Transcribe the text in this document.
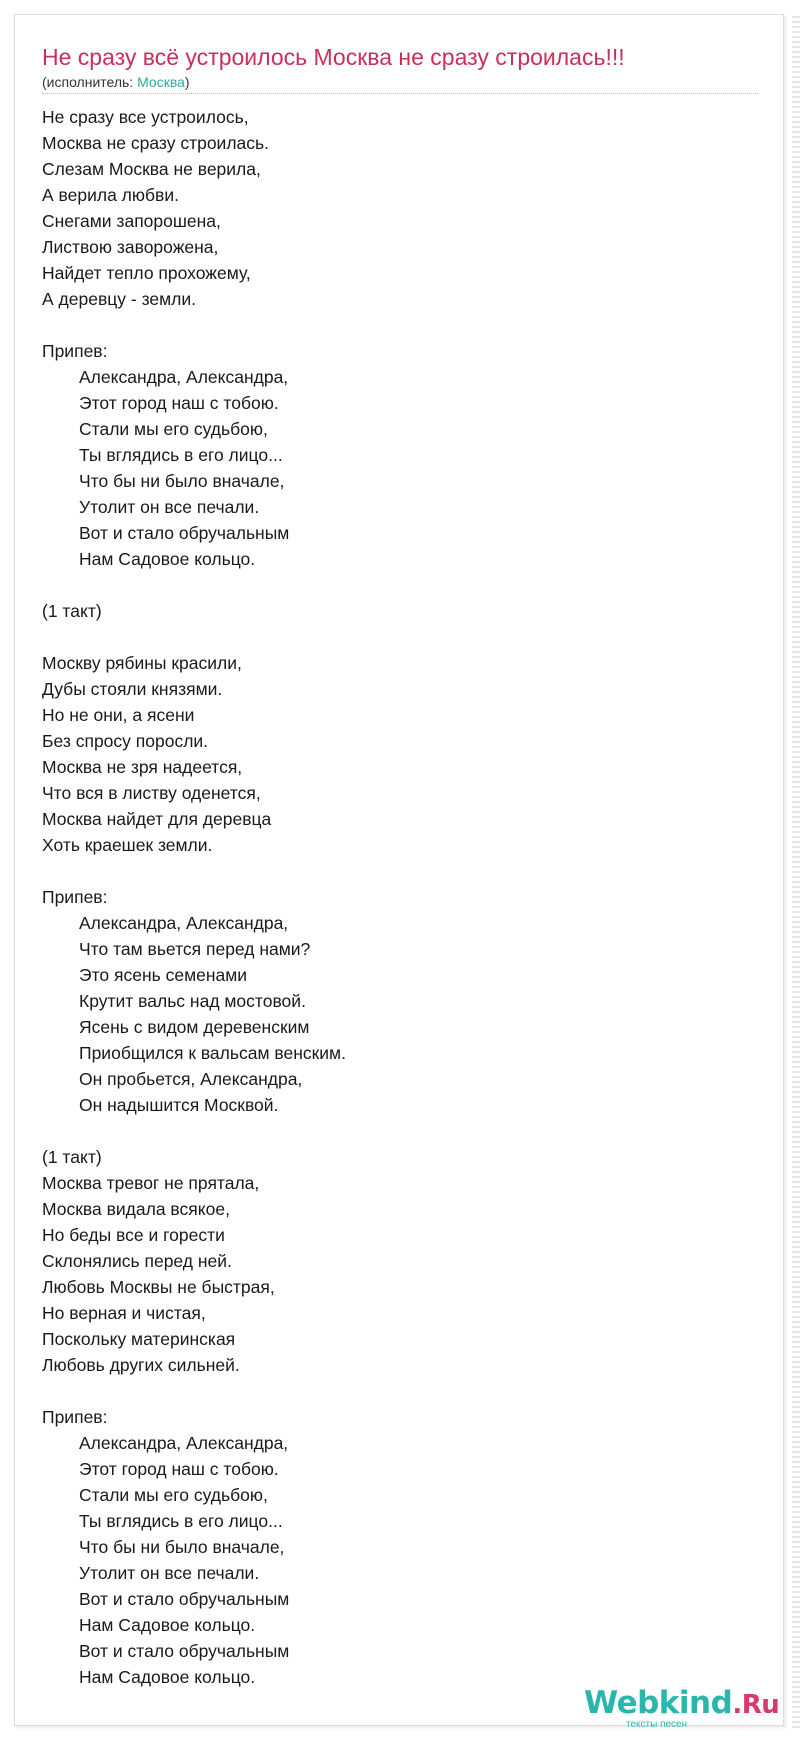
Не сразу всё устроилось Москва не сразу строилась!!!
(исполнитель: Москва)
Не сразу все устроилось,
Москва не сразу строилась.
Слезам Москва не верила,
А верила любви.
Снегами запорошена,
Листвою заворожена,
Найдет тепло прохожему,
А деревцу - земли.
Припев:
Александра, Александра,
Этот город наш с тобою.
Стали мы его судьбою,
Ты вглядись в его лицо...
Что бы ни было вначале,
Утолит он все печали.
Вот и стало обручальным
Нам Садовое кольцо.
(1 такт)
Москву рябины красили,
Дубы стояли князями.
Но не они, а ясени
Без спросу поросли.
Москва не зря надеется,
Что вся в листву оденется,
Москва найдет для деревца
Хоть краешек земли.
Припев:
Александра, Александра,
Что там вьется перед нами?
Это ясень семенами
Крутит вальс над мостовой.
Ясень с видом деревенским
Приобщился к вальсам венским.
Он пробьется, Александра,
Он надышится Москвой.
(1 такт)
Москва тревог не прятала,
Москва видала всякое,
Но беды все и горести
Склонялись перед ней.
Любовь Москвы не быстрая,
Но верная и чистая,
Поскольку материнская
Любовь других сильней.
Припев:
Александра, Александра,
Этот город наш с тобою.
Стали мы его судьбою,
Ты вглядись в его лицо...
Что бы ни было вначале,
Утолит он все печали.
Вот и стало обручальным
Нам Садовое кольцо.
Вот и стало обручальным
Нам Садовое кольцо.
Webkind.Ru
тексты песен
